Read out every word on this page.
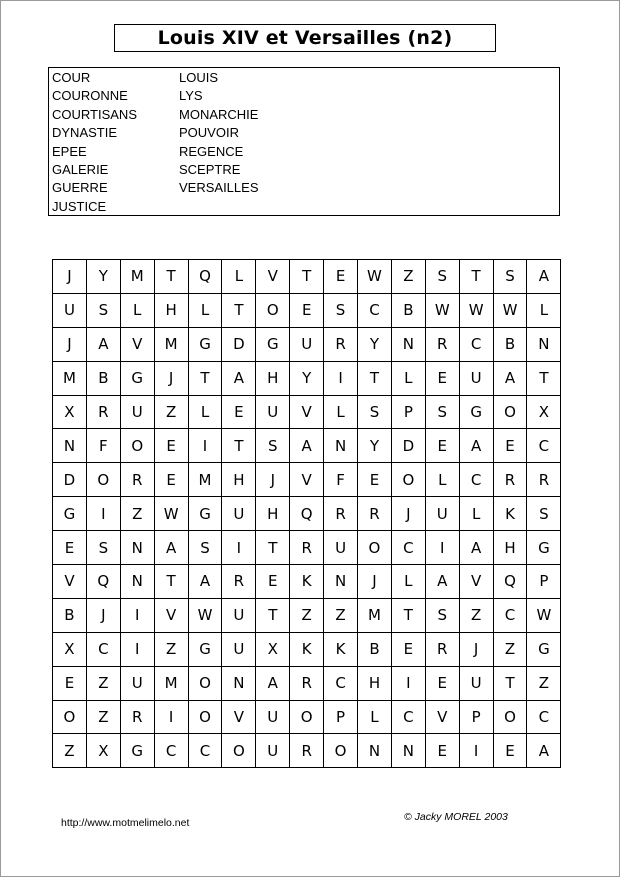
Louis XIV et Versailles (n2)
COUR
COURONNE
COURTISANS
DYNASTIE
EPEE
GALERIE
GUERRE
JUSTICE
LOUIS
LYS
MONARCHIE
POUVOIR
REGENCE
SCEPTRE
VERSAILLES
J	Y	M	T	Q	L	V	T	E	W	Z	S	T	S	A
U	S	L	H	L	T	O	E	S	C	B	W	W	W	L
J	A	V	M	G	D	G	U	R	Y	N	R	C	B	N
M	B	G	J	T	A	H	Y	I	T	L	E	U	A	T
X	R	U	Z	L	E	U	V	L	S	P	S	G	O	X
N	F	O	E	I	T	S	A	N	Y	D	E	A	E	C
D	O	R	E	M	H	J	V	F	E	O	L	C	R	R
G	I	Z	W	G	U	H	Q	R	R	J	U	L	K	S
E	S	N	A	S	I	T	R	U	O	C	I	A	H	G
V	Q	N	T	A	R	E	K	N	J	L	A	V	Q	P
B	J	I	V	W	U	T	Z	Z	M	T	S	Z	C	W
X	C	I	Z	G	U	X	K	K	B	E	R	J	Z	G
E	Z	U	M	O	N	A	R	C	H	I	E	U	T	Z
O	Z	R	I	O	V	U	O	P	L	C	V	P	O	C
Z	X	G	C	C	O	U	R	O	N	N	E	I	E	A
http://www.motmelimelo.net	© Jacky MOREL 2003
